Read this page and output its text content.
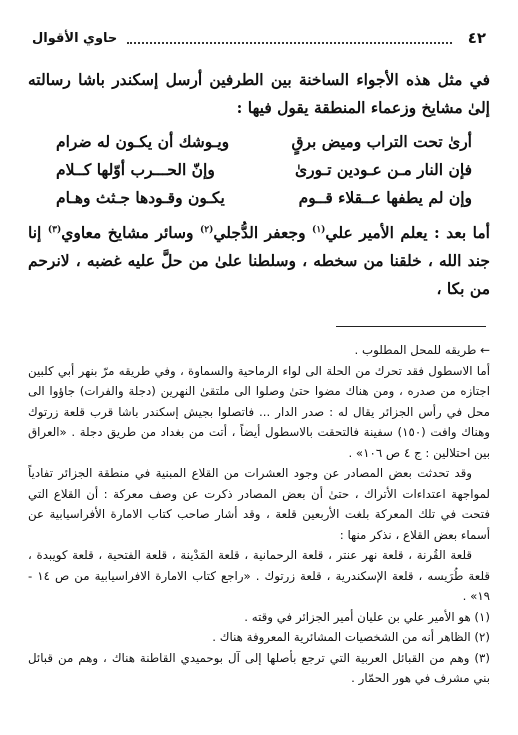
٤٢
حاوي الأقوال

في مثل هذه الأجواء الساخنة بين الطرفين أرسل إسكندر باشا رسالته إلىٰ مشايخ وزعماء المنطقة يقول فيها :

أرىٰ تحت التراب وميض برقٍ
ويـوشك أن يكـون له ضرام
فإن النار مـن عـودين تـورىٰ
وإنّ الحـــرب أوّلها كــلام
وإن لم يطفها عــقلاء قــوم
يكـون وقـودها جـثث وهـام

أما بعد : يعلم الأمير علي$^{(١)}$ وجعفر الدُّجلي$^{(٢)}$ وسائر مشايخ معاوي$^{(٣)}$ إنا جند الله ، خلقنا من سخطه ، وسلطنا علىٰ من حلَّ عليه غضبه ، لانرحم من بكا ،

← طريقه للمحل المطلوب .

أما الاسطول فقد تحرك من الحلة الى لواء الرماحية والسماوة ، وفي طريقه مرّ بنهر أبي كلبين اجتازه من صدره ، ومن هناك مضوا حتىٰ وصلوا الى ملتقىٰ النهرين (دجلة والفرات) جاؤوا الى محل في رأس الجزائر يقال له : صدر الدار ... فاتصلوا بجيش إسكندر باشا قرب قلعة زرتوك وهناك وافت (١٥٠) سفينة فالتحقت بالاسطول أيضاً ، أتت من بغداد من طريق دجلة . «العراق بين احتلالين : ج ٤ ص ١٠٦» .

وقد تحدثت بعض المصادر عن وجود العشرات من القلاع المبنية في منطقة الجزائر تفادياً لمواجهة اعتداءات الأتراك ، حتىٰ أن بعض المصادر ذكرت عن وصف معركة : أن القلاع التي فتحت في تلك المعركة بلغت الأربعين قلعة ، وقد أشار صاحب كتاب الامارة الأفراسيابية عن أسماء بعض القلاع ، نذكر منها :

قلعة القُرنة ، قلعة نهر عنتر ، قلعة الرحمانية ، قلعة المَدْينة ، قلعة الفتحية ، قلعة كويبدة ، قلعة طُرَيسه ، قلعة الإسكندرية ، قلعة زرتوك . «راجع كتاب الامارة الافراسيابية من ص ١٤ - ١٩» .

(١) هو الأمير علي بن عليان أمير الجزائر في وقته .

(٢) الظاهر أنه من الشخصيات المشائرية المعروفة هناك .

(٣) وهم من القبائل العربية التي ترجع بأصلها إلى آل بوحميدي القاطنة هناك ، وهم من قبائل بني مشرف في هور الحمّار .
